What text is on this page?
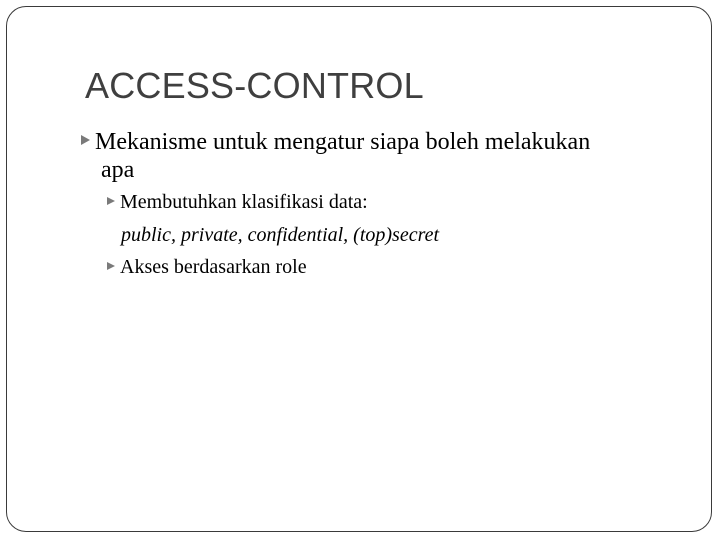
ACCESS-CONTROL
Mekanisme untuk mengatur siapa boleh melakukan
apa
Membutuhkan klasifikasi data:
public, private, confidential, (top)secret
Akses berdasarkan role
